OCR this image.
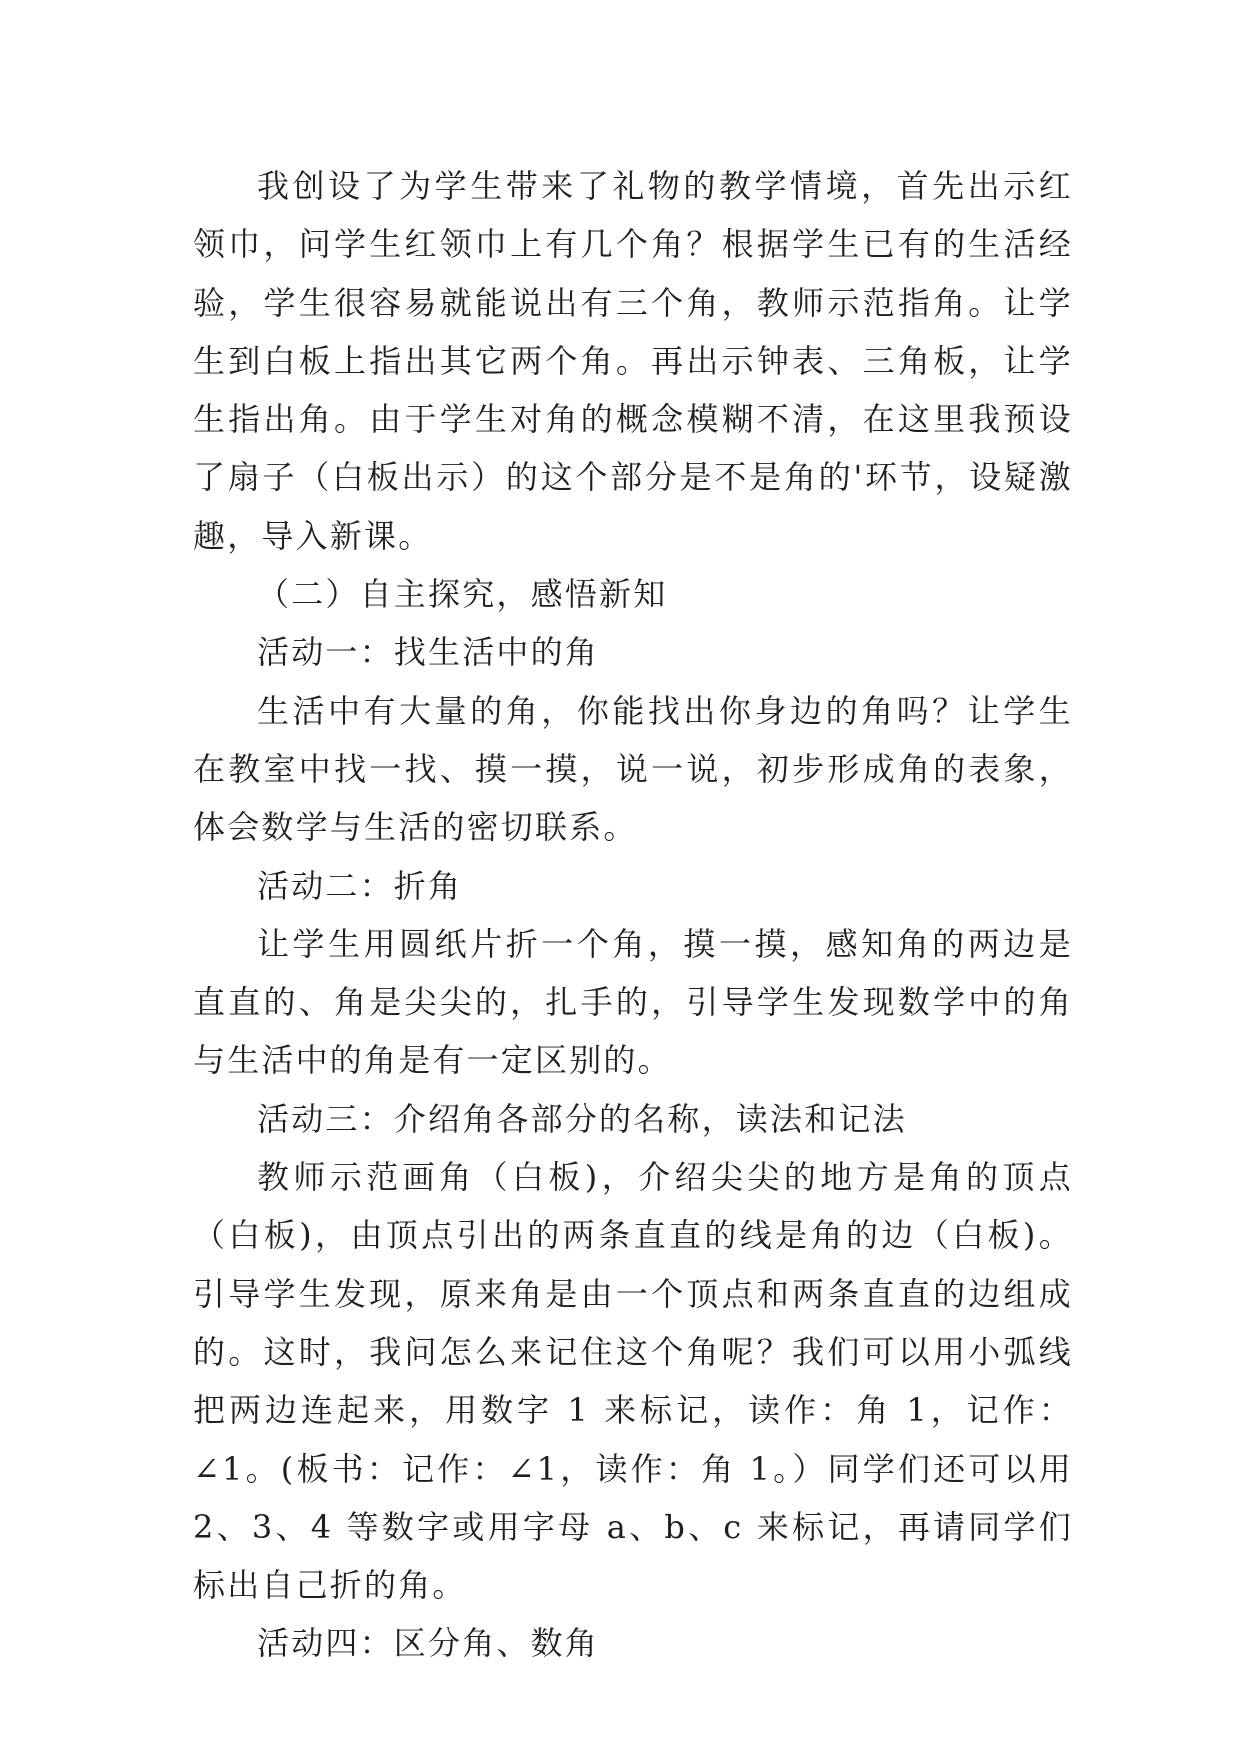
我创设了为学生带来了礼物的教学情境，首先出示红领巾，问学生红领巾上有几个角？根据学生已有的生活经验，学生很容易就能说出有三个角，教师示范指角。让学生到白板上指出其它两个角。再出示钟表、三角板，让学生指出角。由于学生对角的概念模糊不清，在这里我预设了扇子（白板出示）的这个部分是不是角的'环节，设疑激趣，导入新课。

（二）自主探究，感悟新知

活动一：找生活中的角

生活中有大量的角，你能找出你身边的角吗？让学生在教室中找一找、摸一摸，说一说，初步形成角的表象，体会数学与生活的密切联系。

活动二：折角

让学生用圆纸片折一个角，摸一摸，感知角的两边是直直的、角是尖尖的，扎手的，引导学生发现数学中的角与生活中的角是有一定区别的。

活动三：介绍角各部分的名称，读法和记法

教师示范画角（白板)，介绍尖尖的地方是角的顶点（白板)，由顶点引出的两条直直的线是角的边（白板)。引导学生发现，原来角是由一个顶点和两条直直的边组成的。这时，我问怎么来记住这个角呢？我们可以用小弧线把两边连起来，用数字 1 来标记，读作：角 1，记作：∠1。(板书：记作：∠1，读作：角 1。）同学们还可以用 2、3、4 等数字或用字母 a、b、c 来标记，再请同学们标出自己折的角。

活动四：区分角、数角
